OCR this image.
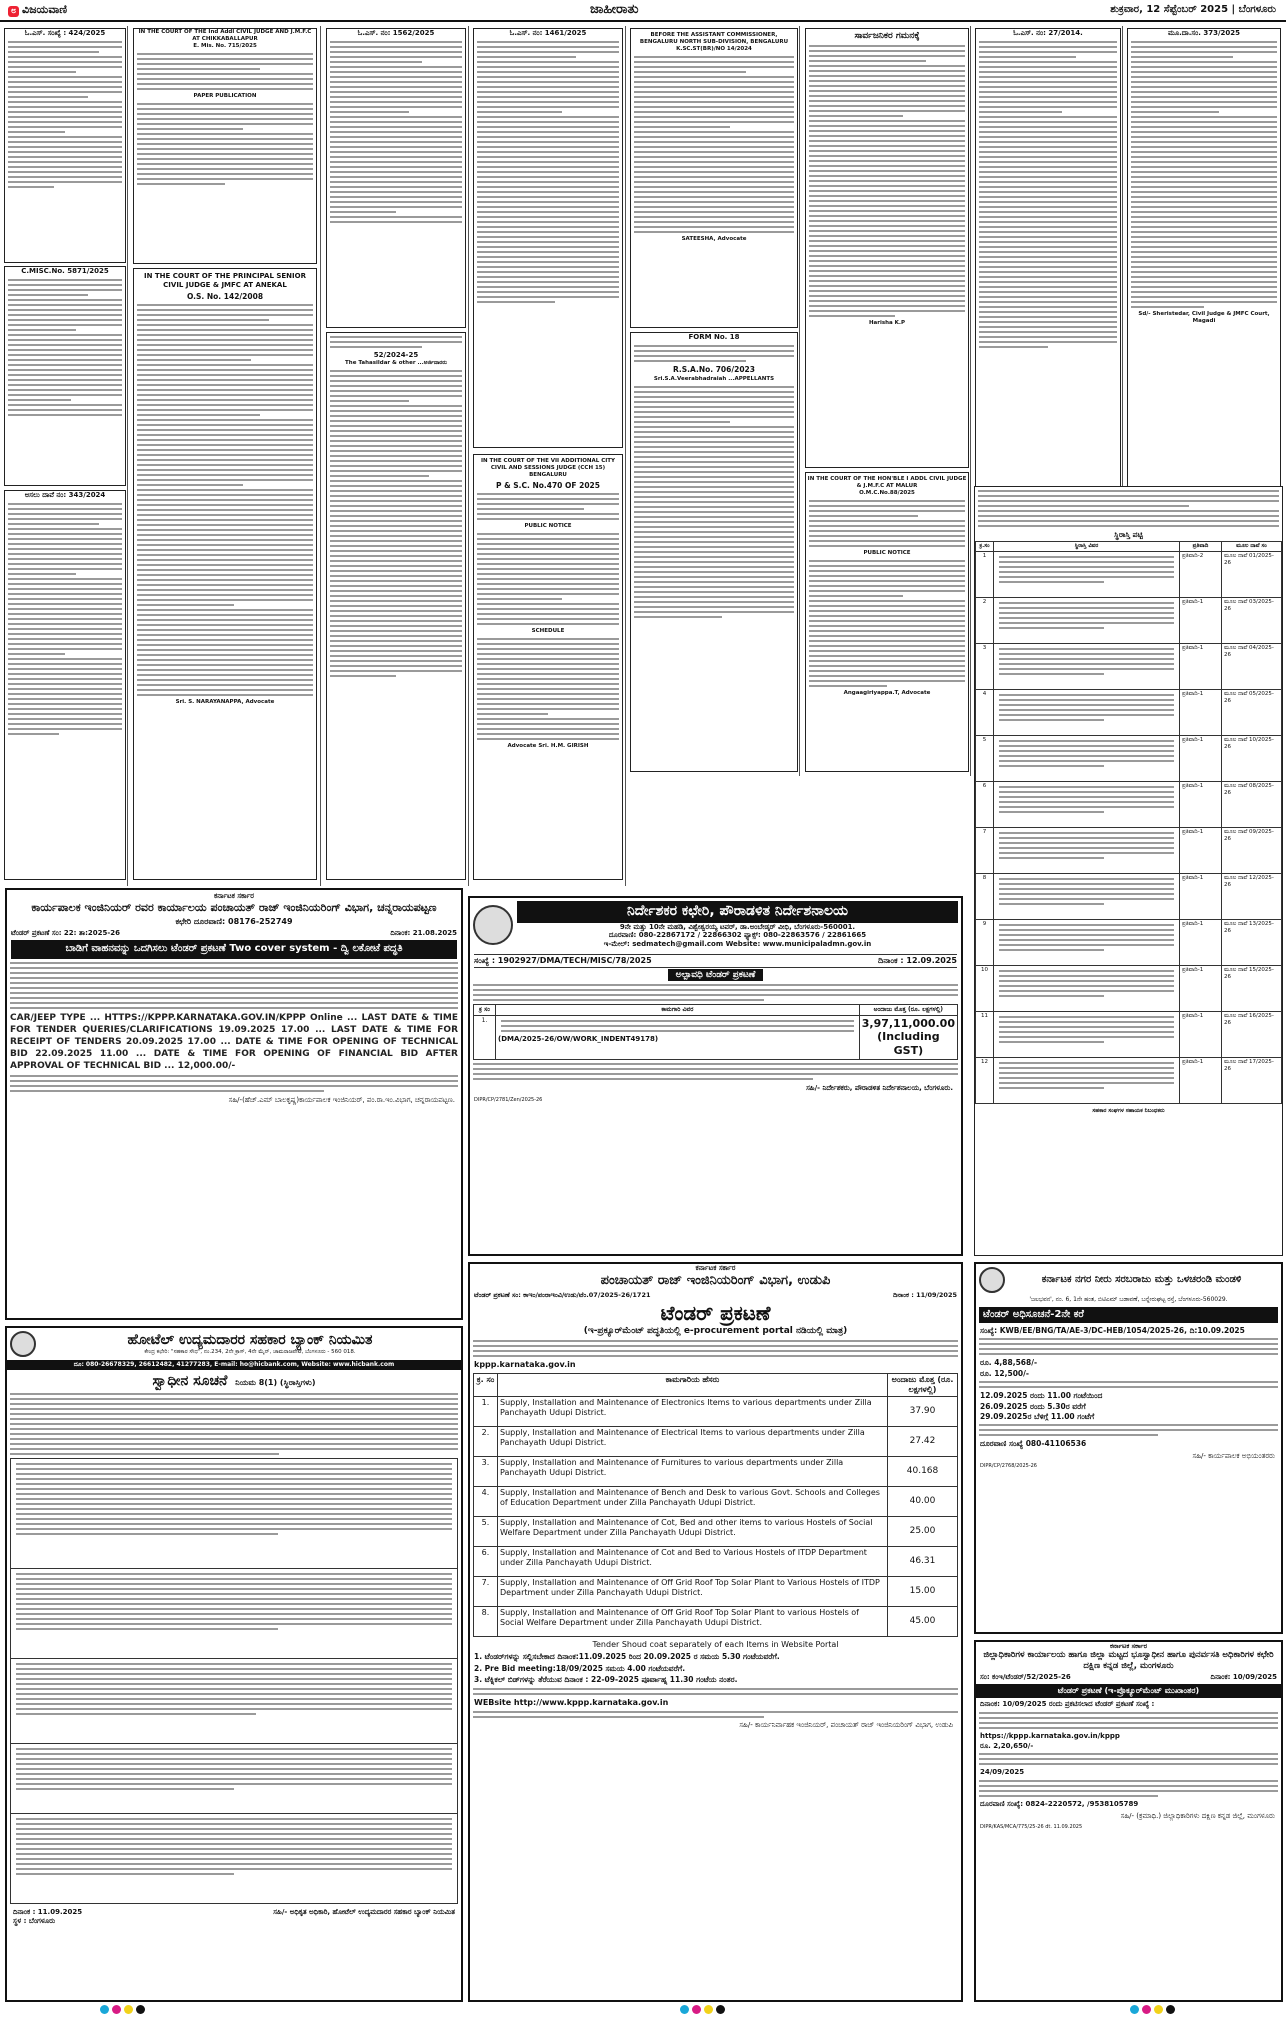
೮ ವಿಜಯವಾಣಿ	ಜಾಹೀರಾತು	ಶುಕ್ರವಾರ, 12 ಸೆಪ್ಟೆಂಬರ್ 2025 | ಬೆಂಗಳೂರು
ಓ.ಎಸ್. ಸಂಖ್ಯೆ : 424/2025
C.MISC.No. 5871/2025
ಅಸಲು ದಾವೆ ನಂ: 343/2024
IN THE COURT OF THE Ind Addl CIVIL JUDGE AND J.M.F.C AT CHIKKABALLAPUR
E. Mis. No. 715/2025
PAPER PUBLICATION
IN THE COURT OF THE PRINCIPAL SENIOR CIVIL JUDGE & JMFC AT ANEKAL
O.S. No. 142/2008
Sri. S. NARAYANAPPA, Advocate
ಓ.ಎಸ್. ನಂ: 1562/2025
52/2024-25
The Tahasildar & other ...ಅರ್ಜಿದಾರರು
ಓ.ಎಸ್. ನಂ: 1461/2025
IN THE COURT OF THE VII ADDITIONAL CITY CIVIL AND SESSIONS JUDGE (CCH 15) BENGALURU
P & S.C. No.470 OF 2025
PUBLIC NOTICE
SCHEDULE
Advocate Sri. H.M. GIRISH
BEFORE THE ASSISTANT COMMISSIONER, BENGALURU NORTH SUB-DIVISION, BENGALURU
K.SC.ST(BR)/NO 14/2024
SATEESHA, Advocate
FORM No. 18
R.S.A.No. 706/2023
Sri.S.A.Veerabhadraiah ...APPELLANTS
ಸಾರ್ವಜನಿಕರ ಗಮನಕ್ಕೆ
Harisha K.P
IN THE COURT OF THE HON'BLE I ADDL CIVIL JUDGE & J.M.F.C AT MALUR
O.M.C.No.88/2025
PUBLIC NOTICE
Angaagiriyappa.T, Advocate
ಓ.ಎಸ್. ನಂ: 27/2014.	ಮೂ.ದಾ.ಸಂ. 373/2025
Sd/- Sheristedar, Civil Judge & JMFC Court, Magadi
ಸ್ಥಿರಾಸ್ತಿ ಪಟ್ಟಿ
ಕ್ರ.ಸಂ	ಸ್ಥಿರಾಸ್ತಿ ವಿವರ	ಪ್ರತಿವಾದಿ	ಮೂಲ ದಾವೆ ಸಂ
1		ಪ್ರತಿವಾದಿ-2	ಮೂಲ ದಾವೆ 01/2025-26
2		ಪ್ರತಿವಾದಿ-1	ಮೂಲ ದಾವೆ 03/2025-26
3		ಪ್ರತಿವಾದಿ-1	ಮೂಲ ದಾವೆ 04/2025-26
4		ಪ್ರತಿವಾದಿ-1	ಮೂಲ ದಾವೆ 05/2025-26
5		ಪ್ರತಿವಾದಿ-1	ಮೂಲ ದಾವೆ 10/2025-26
6		ಪ್ರತಿವಾದಿ-1	ಮೂಲ ದಾವೆ 08/2025-26
7		ಪ್ರತಿವಾದಿ-1	ಮೂಲ ದಾವೆ 09/2025-26
8		ಪ್ರತಿವಾದಿ-1	ಮೂಲ ದಾವೆ 12/2025-26
9		ಪ್ರತಿವಾದಿ-1	ಮೂಲ ದಾವೆ 13/2025-26
10		ಪ್ರತಿವಾದಿ-1	ಮೂಲ ದಾವೆ 15/2025-26
11		ಪ್ರತಿವಾದಿ-1	ಮೂಲ ದಾವೆ 16/2025-26
12		ಪ್ರತಿವಾದಿ-1	ಮೂಲ ದಾವೆ 17/2025-26
ಸಹಕಾರ ಸಂಘಗಳ ಸಹಾಯಕ ನಿಬಂಧಕರು
ಕರ್ನಾಟಕ ಸರ್ಕಾರ
ಕಾರ್ಯಪಾಲಕ ಇಂಜಿನಿಯರ್ ರವರ ಕಾರ್ಯಾಲಯ ಪಂಚಾಯತ್ ರಾಜ್ ಇಂಜಿನಿಯರಿಂಗ್ ವಿಭಾಗ, ಚನ್ನರಾಯಪಟ್ಟಣ
ಕಛೇರಿ ದೂರವಾಣಿ: 08176-252749
ಟೆಂಡರ್ ಪ್ರಕಟಣೆ ಸಂ: 22: ತಾ:2025-26	ದಿನಾಂಕ: 21.08.2025
ಬಾಡಿಗೆ ವಾಹನವನ್ನು ಒದಗಿಸಲು ಟೆಂಡರ್ ಪ್ರಕಟಣೆ Two cover system - ದ್ವಿ ಲಕೋಟೆ ಪದ್ಧತಿ
CAR/JEEP TYPE ... HTTPS://KPPP.KARNATAKA.GOV.IN/KPPP Online ... LAST DATE & TIME FOR TENDER QUERIES/CLARIFICATIONS 19.09.2025 17.00 ... LAST DATE & TIME FOR RECEIPT OF TENDERS 20.09.2025 17.00 ... DATE & TIME FOR OPENING OF TECHNICAL BID 22.09.2025 11.00 ... DATE & TIME FOR OPENING OF FINANCIAL BID AFTER APPROVAL OF TECHNICAL BID ... 12,000.00/-
ಸಹಿ/-(ಹೆಚ್.ಎಮ್ ಬಾಲಕೃಷ್ಣ)ಕಾರ್ಯಪಾಲಕ ಇಂಜಿನಿಯರ್, ಪಂ.ರಾ.ಇಂ.ವಿಭಾಗ, ಚನ್ನರಾಯಪಟ್ಟಣ.
ಹೋಟೆಲ್ ಉದ್ಯಮದಾರರ ಸಹಕಾರ ಬ್ಯಾಂಕ್ ನಿಯಮಿತ
ಕೇಂದ್ರ ಕಛೇರಿ: "ಸಹಕಾರ ಸೌಧ", ನಂ.234, 2ನೇ ಕ್ರಾಸ್, 4ನೇ ಮೈನ್, ಚಾಮರಾಜಪೇಟೆ, ಬೆಂಗಳೂರು - 560 018.
ದೂ: 080-26678329, 26612482, 41277283, E-mail: ho@hicbank.com, Website: www.hicbank.com
ಸ್ವಾಧೀನ ಸೂಚನೆ ನಿಯಮ 8(1) (ಸ್ಥಿರಾಸ್ತಿಗಳು)

ದಿನಾಂಕ : 11.09.2025
ಸ್ಥಳ : ಬೆಂಗಳೂರು
ಸಹಿ/- ಅಧಿಕೃತ ಅಧಿಕಾರಿ, ಹೋಟೆಲ್ ಉದ್ಯಮದಾರರ ಸಹಕಾರ ಬ್ಯಾಂಕ್ ನಿಯಮಿತ
ನಿರ್ದೇಶಕರ ಕಛೇರಿ, ಪೌರಾಡಳಿತ ನಿರ್ದೇಶನಾಲಯ
9ನೇ ಮತ್ತು 10ನೇ ಮಹಡಿ, ವಿಶ್ವೇಶ್ವರಯ್ಯ ಟವರ್, ಡಾ.ಅಂಬೇಡ್ಕರ್ ವೀಧಿ, ಬೆಂಗಳೂರು-560001.
ದೂರವಾಣಿ: 080-22867172 / 22866302 ಫ್ಯಾಕ್ಸ್: 080-22863576 / 22861665
ಇ-ಮೇಲ್: sedmatech@gmail.com Website: www.municipaladmn.gov.in
ಸಂಖ್ಯೆ : 1902927/DMA/TECH/MISC/78/2025	ದಿನಾಂಕ : 12.09.2025
ಅಲ್ಪಾವಧಿ ಟೆಂಡರ್ ಪ್ರಕಟಣೆ
ಕ್ರ ಸಂ	ಕಾಮಗಾರಿ ವಿವರ	ಅಂದಾಜು ಮೊತ್ತ (ರೂ. ಲಕ್ಷಗಳಲ್ಲಿ)
1.	(DMA/2025-26/OW/WORK_INDENT49178)	3,97,11,000.00 (Including GST)
ಸಹಿ/- ನಿರ್ದೇಶಕರು, ಪೌರಾಡಳಿತ ನಿರ್ದೇಶನಾಲಯ, ಬೆಂಗಳೂರು.
DIPR/CP/2781/Zen/2025-26
ಕರ್ನಾಟಕ ಸರ್ಕಾರ
ಪಂಚಾಯತ್ ರಾಜ್ ಇಂಜಿನಿಯರಿಂಗ್ ವಿಭಾಗ, ಉಡುಪಿ
ಟೆಂಡರ್ ಪ್ರಕಟಣೆ ಸಂ: ಕಾಇಂ/ಪಂರಾಇಂವಿ/ಉಡು/ಟೆಂ.07/2025-26/1721	ದಿನಾಂಕ : 11/09/2025
ಟೆಂಡರ್ ಪ್ರಕಟಣೆ
(ಇ-ಪ್ರಕ್ಯೂರ್‌ಮೆಂಟ್ ಪದ್ಧತಿಯಲ್ಲಿ e-procurement portal ನಡಿಯಲ್ಲಿ ಮಾತ್ರ)
kppp.karnataka.gov.in
ಕ್ರ. ಸಂ	ಕಾಮಗಾರಿಯ ಹೆಸರು	ಅಂದಾಜು ಮೊತ್ತ (ರೂ. ಲಕ್ಷಗಳಲ್ಲಿ)
1.	Supply, Installation and Maintenance of Electronics Items to various departments under Zilla Panchayath Udupi District.	37.90
2.	Supply, Installation and Maintenance of Electrical Items to various departments under Zilla Panchayath Udupi District.	27.42
3.	Supply, Installation and Maintenance of Furnitures to various departments under Zilla Panchayath Udupi District.	40.168
4.	Supply, Installation and Maintenance of Bench and Desk to various Govt. Schools and Colleges of Education Department under Zilla Panchayath Udupi District.	40.00
5.	Supply, Installation and Maintenance of Cot, Bed and other items to various Hostels of Social Welfare Department under Zilla Panchayath Udupi District.	25.00
6.	Supply, Installation and Maintenance of Cot and Bed to Various Hostels of ITDP Department under Zilla Panchayath Udupi District.	46.31
7.	Supply, Installation and Maintenance of Off Grid Roof Top Solar Plant to Various Hostels of ITDP Department under Zilla Panchayath Udupi District.	15.00
8.	Supply, Installation and Maintenance of Off Grid Roof Top Solar Plant to various Hostels of Social Welfare Department under Zilla Panchayath Udupi District.	45.00
Tender Shoud coat separately of each Items in Website Portal
1. ಟೆಂಡರ್‌ಗಳನ್ನು ಸಲ್ಲಿಸಬೇಕಾದ ದಿನಾಂಕ:11.09.2025 ರಿಂದ 20.09.2025 ರ ಸಮಯ 5.30 ಗಂಟೆಯವರೆಗೆ.
2. Pre Bid meeting:18/09/2025 ಸಮಯ 4.00 ಗಂಟೆಯವರೆಗೆ.
3. ಟೆಕ್ನಿಕಲ್ ಬಿಡ್‌ಗಳನ್ನು ತೆರೆಯುವ ದಿನಾಂಕ : 22-09-2025 ಪೂರ್ವಾಹ್ನ 11.30 ಗಂಟೆಯ ನಂತರ.
WEBsite http://www.kppp.karnataka.gov.in
ಸಹಿ/- ಕಾರ್ಯನಿರ್ವಾಹಕ ಇಂಜಿನಿಯರ್, ಪಂಚಾಯತ್ ರಾಜ್ ಇಂಜಿನಿಯರಿಂಗ್ ವಿಭಾಗ, ಉಡುಪಿ
ಕರ್ನಾಟಕ ನಗರ ನೀರು ಸರಬರಾಜು ಮತ್ತು ಒಳಚರಂಡಿ ಮಂಡಳಿ
'ಜಲಭವನ', ನಂ. 6, 1ನೇ ಹಂತ, ಬಿಟಿಎಮ್ ಬಡಾವಣೆ, ಬನ್ನೇರುಘಟ್ಟ ರಸ್ತೆ, ಬೆಂಗಳೂರು-560029.
ಟೆಂಡರ್ ಅಧಿಸೂಚನೆ-2ನೇ ಕರೆ
ಸಂಖ್ಯೆ: KWB/EE/BNG/TA/AE-3/DC-HEB/1054/2025-26, ದಿ:10.09.2025
ರೂ. 4,88,568/-
ರೂ. 12,500/-
12.09.2025 ರಂದು 11.00 ಗಂಟೆಯಿಂದ
26.09.2025 ರಂದು 5.30ರ ವರೆಗೆ
29.09.2025ರ ಬೆಳಿಗ್ಗೆ 11.00 ಗಂಟೆಗೆ
ದೂರವಾಣಿ ಸಂಖ್ಯೆ 080-41106536
ಸಹಿ/- ಕಾರ್ಯಪಾಲಕ ಅಭಿಯಂತರರು
DIPR/CP/2768/2025-26
ಕರ್ನಾಟಕ ಸರ್ಕಾರ
ಜಿಲ್ಲಾಧಿಕಾರಿಗಳ ಕಾರ್ಯಾಲಯ ಹಾಗೂ ಜಿಲ್ಲಾ ಮಟ್ಟದ ಭೂಸ್ವಾಧೀನ ಹಾಗೂ ಪುನರ್ವಸತಿ ಅಧಿಕಾರಿಗಳ ಕಛೇರಿ ದಕ್ಷಿಣ ಕನ್ನಡ ಜಿಲ್ಲೆ, ಮಂಗಳೂರು
ಸಂ: ಕಂಇ/ಟೆಂಡರ್/52/2025-26	ದಿನಾಂಕ: 10/09/2025
ಟೆಂಡರ್ ಪ್ರಕಟಣೆ (ಇ-ಪ್ರೊಕ್ಯೂರ್‌ಮೆಂಟ್ ಮುಖಾಂತರ)
ದಿನಾಂಕ: 10/09/2025 ರಂದು ಪ್ರಕಟಿಸಲಾದ ಟೆಂಡರ್ ಪ್ರಕಟಣೆ ಸಂಖ್ಯೆ :
https://kppp.karnataka.gov.in/kppp
ರೂ. 2,20,650/-
24/09/2025
ದೂರವಾಣಿ ಸಂಖ್ಯೆ: 0824-2220572, /9538105789
ಸಹಿ/- (ಕ್ರಮಾಧಿ.) ಜಿಲ್ಲಾಧಿಕಾರಿಗಳು ದಕ್ಷಿಣ ಕನ್ನಡ ಜಿಲ್ಲೆ, ಮಂಗಳೂರು
DIPR/KAS/MCA/775/25-26 dt. 11.09.2025
